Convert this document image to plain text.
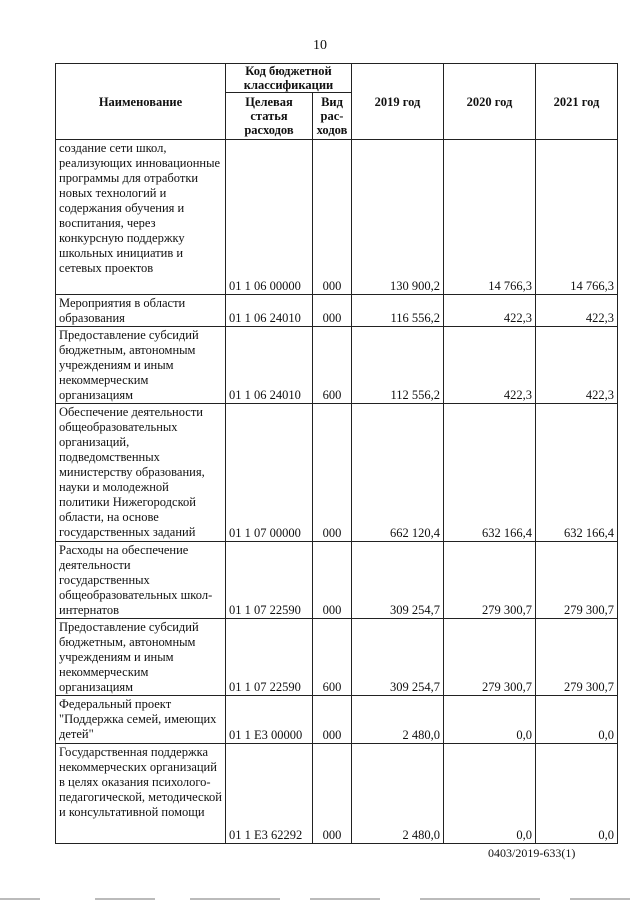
10
Наименование	Код бюджетной классификации		2019 год	2020 год	2021 год
	Целевая статья расходов	Вид рас-ходов			

создание сети школ, реализующих инновационные программы для отработки новых технологий и содержания обучения и воспитания, через конкурсную поддержку школьных инициатив и сетевых проектов	01 1 06 00000	000	130 900,2	14 766,3	14 766,3

Мероприятия в области образования	01 1 06 24010	000	116 556,2	422,3	422,3

Предоставление субсидий бюджетным, автономным учреждениям и иным некоммерческим организациям	01 1 06 24010	600	112 556,2	422,3	422,3

Обеспечение деятельности общеобразовательных организаций, подведомственных министерству образования, науки и молодежной политики Нижегородской области, на основе государственных заданий	01 1 07 00000	000	662 120,4	632 166,4	632 166,4

Расходы на обеспечение деятельности государственных общеобразовательных школ-интернатов	01 1 07 22590	000	309 254,7	279 300,7	279 300,7

Предоставление субсидий бюджетным, автономным учреждениям и иным некоммерческим организациям	01 1 07 22590	600	309 254,7	279 300,7	279 300,7

Федеральный проект "Поддержка семей, имеющих детей"	01 1 E3 00000	000	2 480,0	0,0	0,0

Государственная поддержка некоммерческих организаций в целях оказания психолого-педагогической, методической и консультативной помощи	01 1 E3 62292	000	2 480,0	0,0	0,0
0403/2019-633(1)
